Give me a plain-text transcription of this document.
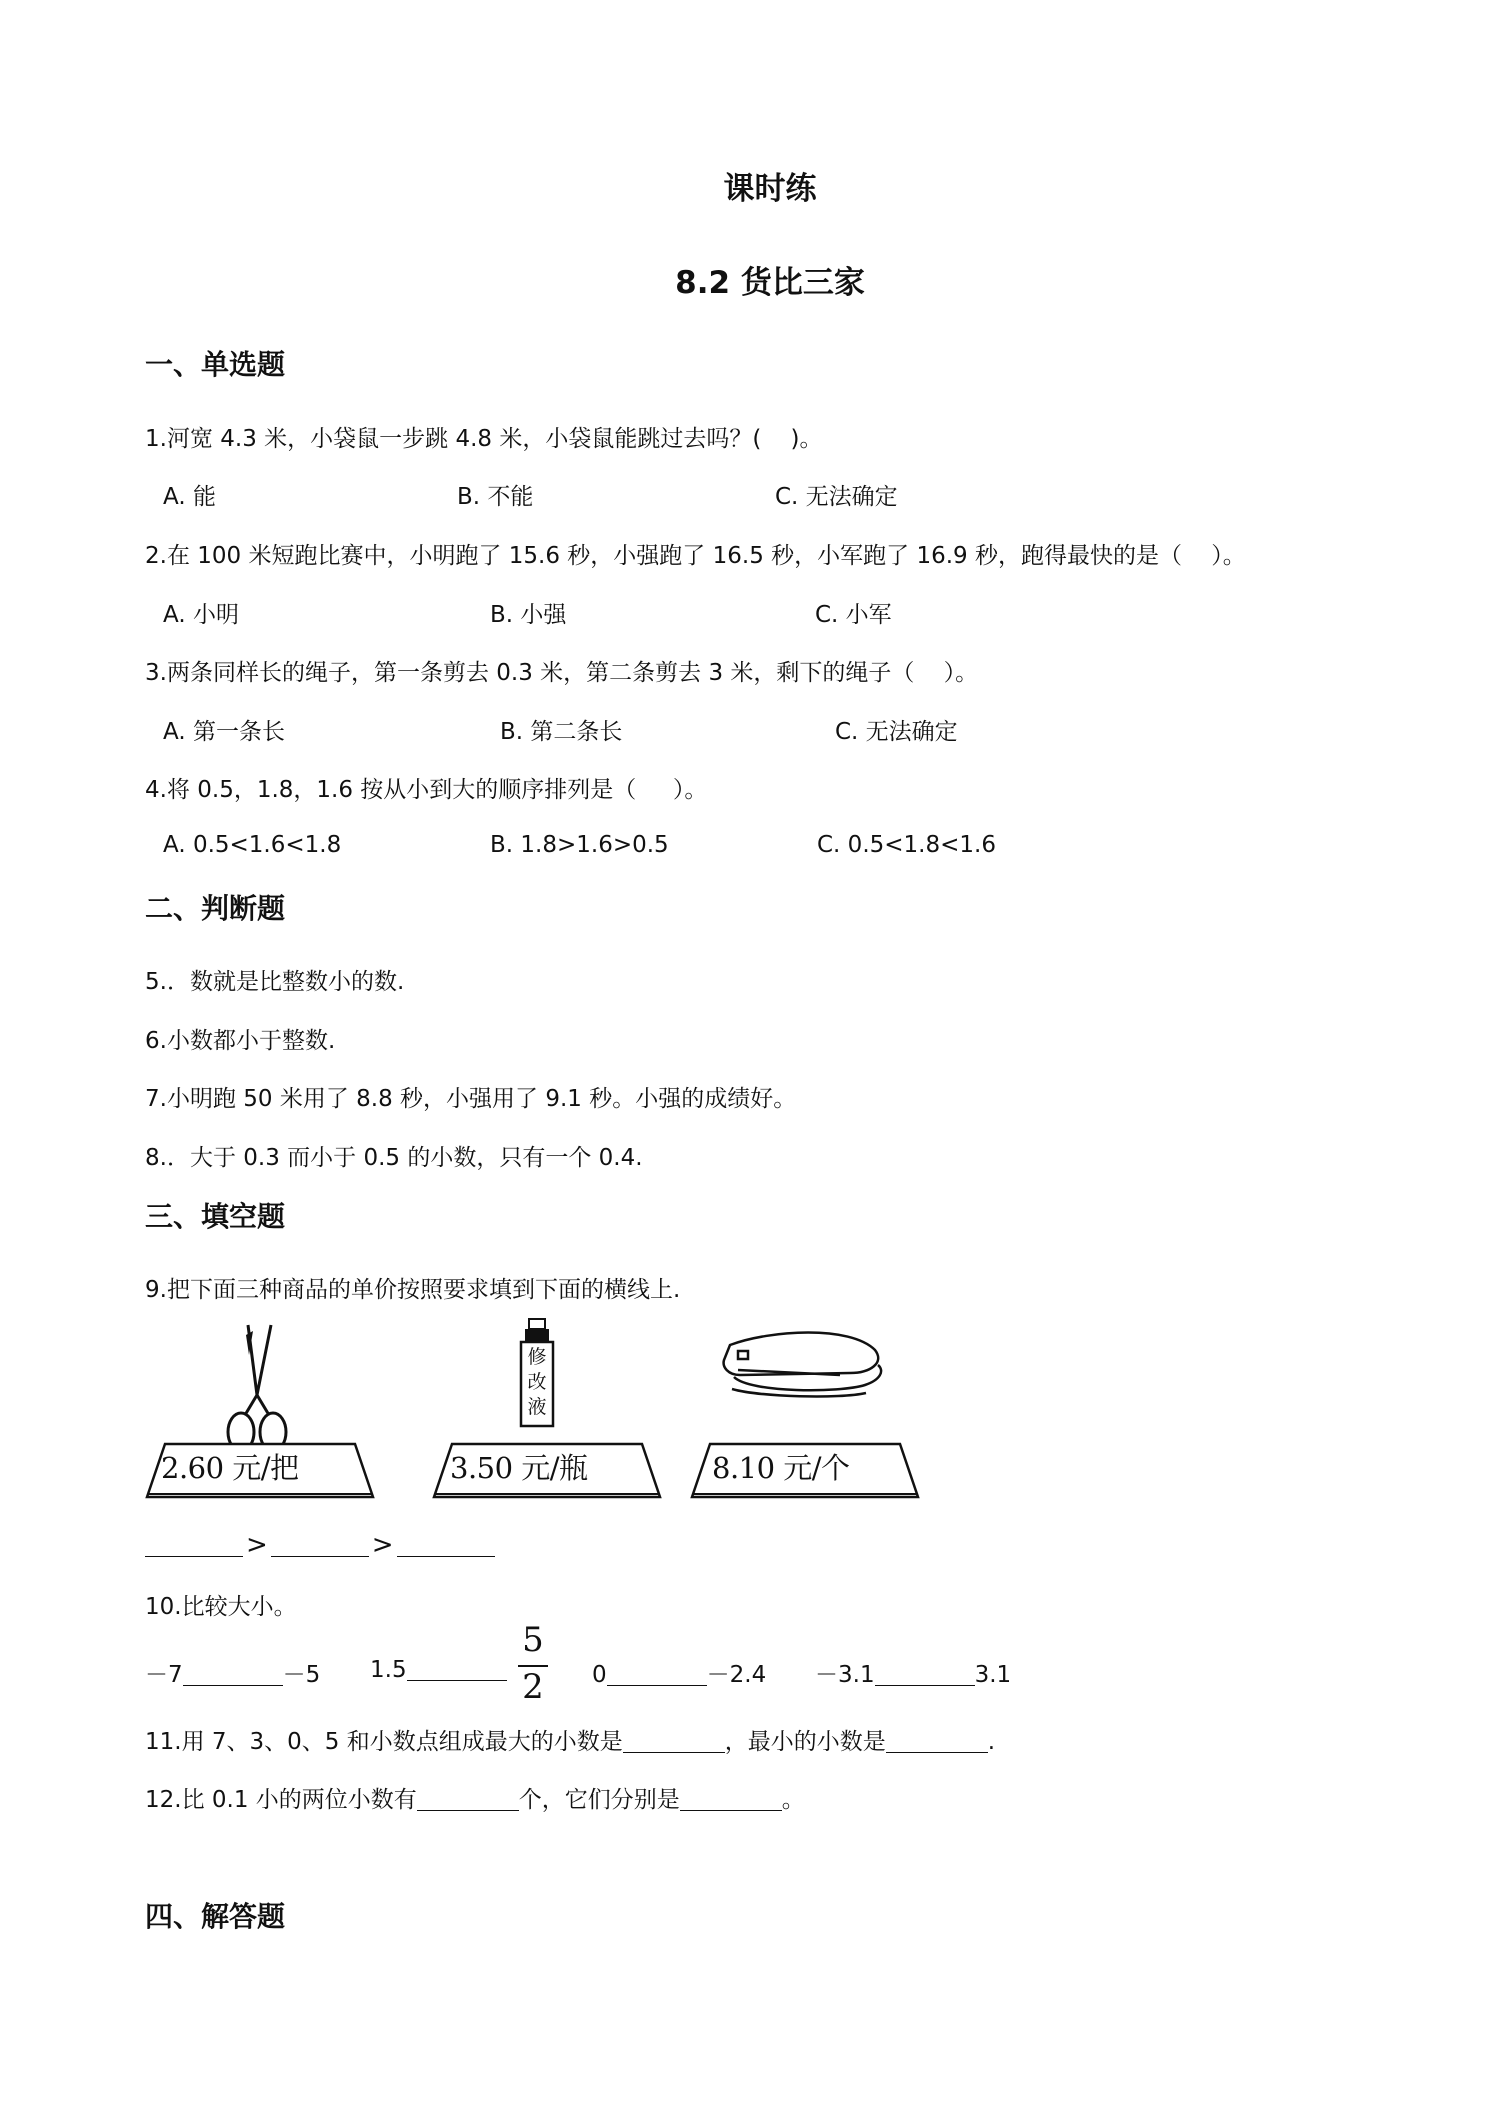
课时练
8.2 货比三家
一、单选题
1.河宽 4.3 米，小袋鼠一步跳 4.8 米，小袋鼠能跳过去吗？(    )。
A. 能	B. 不能	C. 无法确定
2.在 100 米短跑比赛中，小明跑了 15.6 秒，小强跑了 16.5 秒，小军跑了 16.9 秒，跑得最快的是（    ）。
A. 小明	B. 小强	C. 小军
3.两条同样长的绳子，第一条剪去 0.3 米，第二条剪去 3 米，剩下的绳子（    ）。
A. 第一条长	B. 第二条长	C. 无法确定
4.将 0.5，1.8，1.6 按从小到大的顺序排列是（     ）。
A. 0.5<1.6<1.8	B. 1.8>1.6>0.5	C. 0.5<1.8<1.6
二、判断题
5.．数就是比整数小的数.
6.小数都小于整数.
7.小明跑 50 米用了 8.8 秒，小强用了 9.1 秒。小强的成绩好。
8.．大于 0.3 而小于 0.5 的小数，只有一个 0.4.
三、填空题
9.把下面三种商品的单价按照要求填到下面的横线上.
2.60 元/把
修
改
液
3.50 元/瓶	8.10 元/个
>	>
10.比较大小。
－7	－5 1.5
5
2 0	－2.4 －3.1	3.1
11.用 7、3、0、5 和小数点组成最大的小数是	，最小的小数是	.
12.比 0.1 小的两位小数有	个，它们分别是	。
四、解答题
